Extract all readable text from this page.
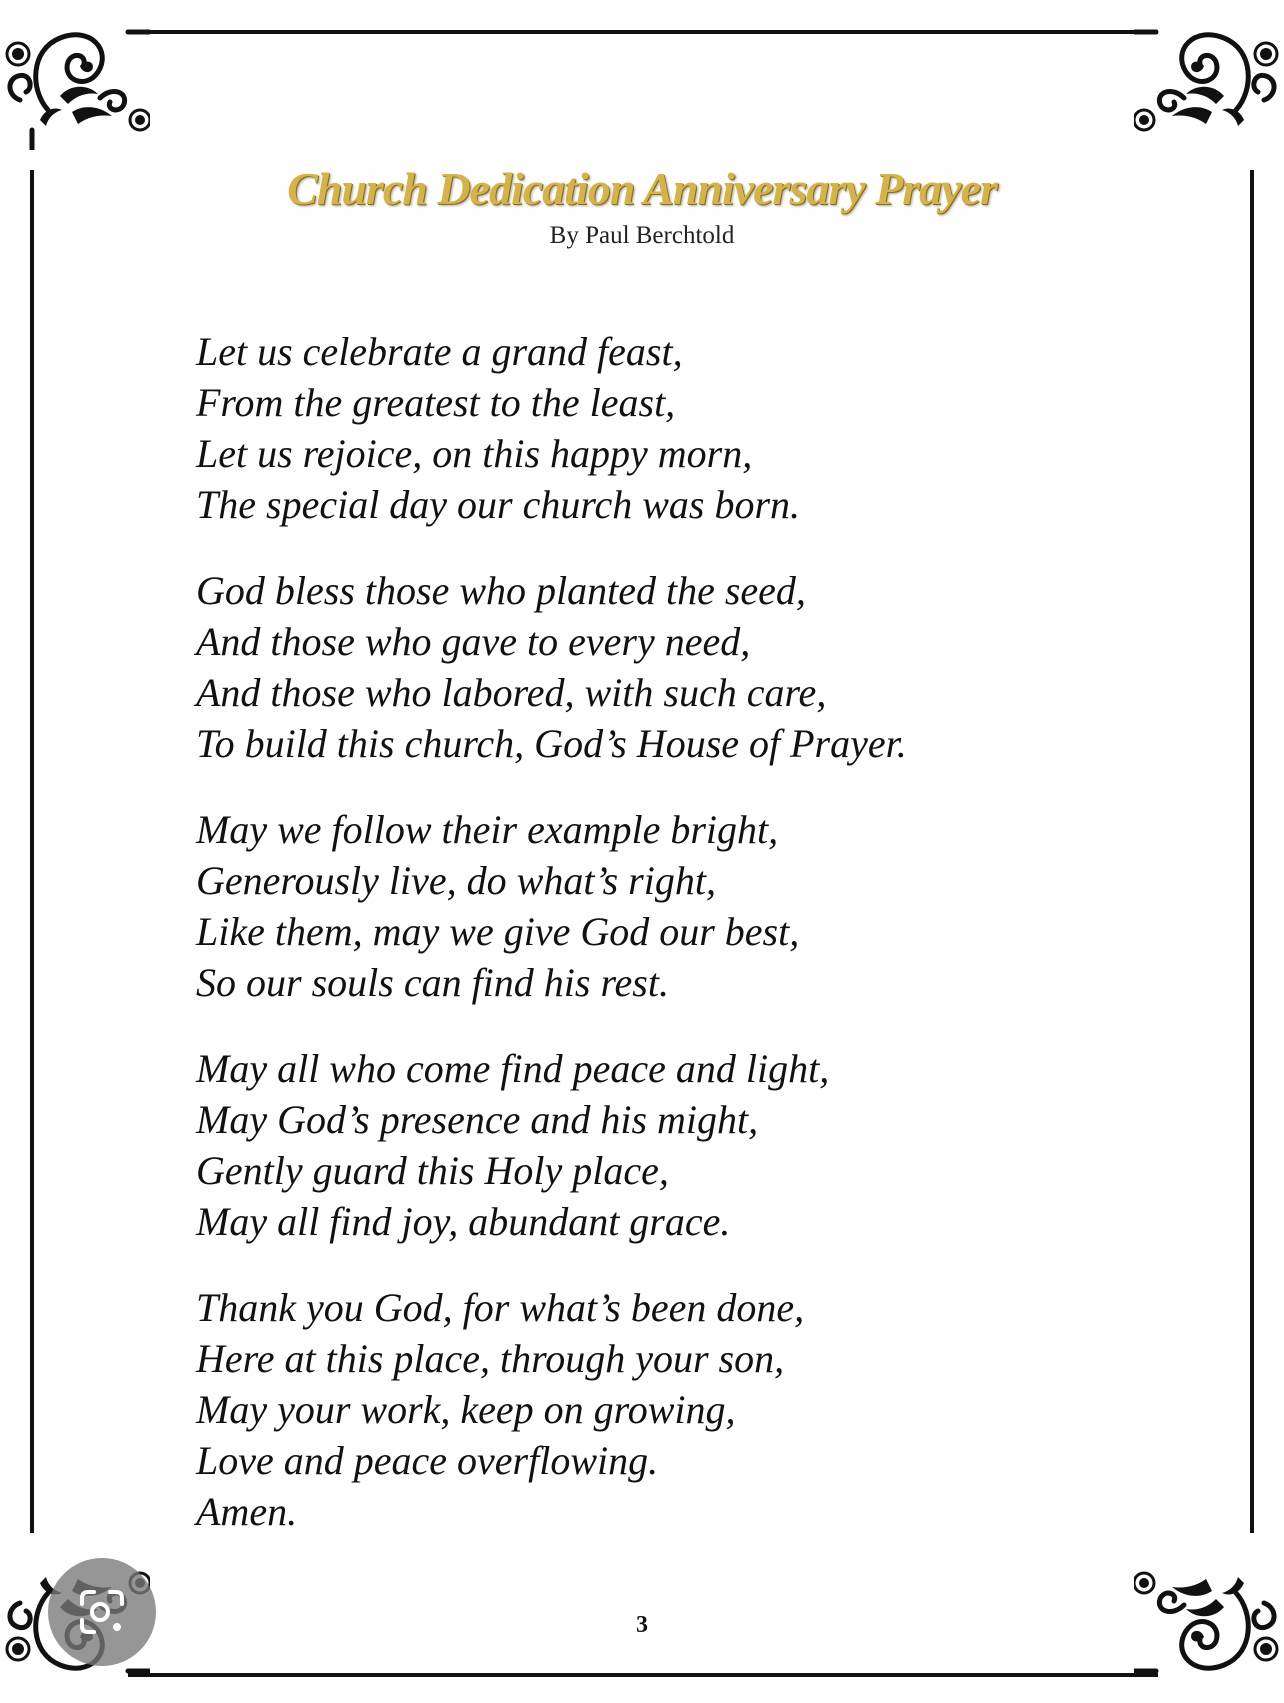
Church Dedication Anniversary Prayer
By Paul Berchtold
Let us celebrate a grand feast,
From the greatest to the least,
Let us rejoice, on this happy morn,
The special day our church was born.
God bless those who planted the seed,
And those who gave to every need,
And those who labored, with such care,
To build this church, God’s House of Prayer.
May we follow their example bright,
Generously live, do what’s right,
Like them, may we give God our best,
So our souls can find his rest.
May all who come find peace and light,
May God’s presence and his might,
Gently guard this Holy place,
May all find joy, abundant grace.
Thank you God, for what’s been done,
Here at this place, through your son,
May your work, keep on growing,
Love and peace overflowing.
Amen.
3
